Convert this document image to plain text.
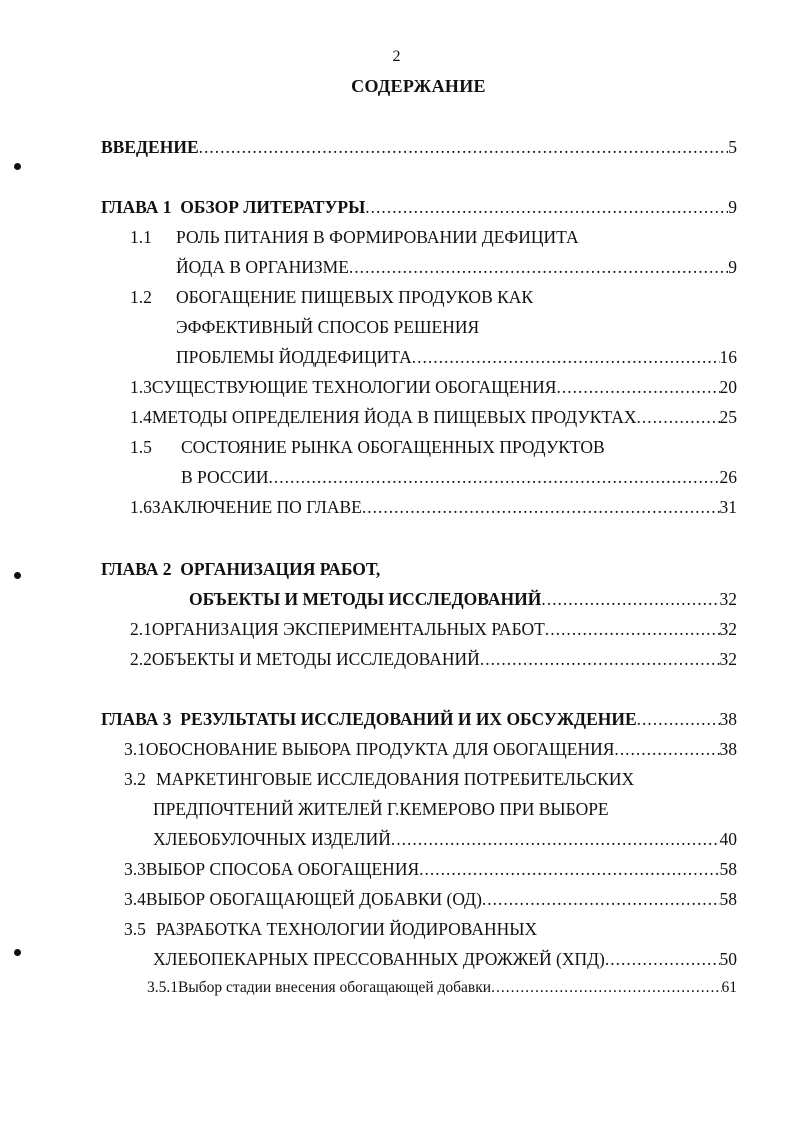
2
СОДЕРЖАНИЕ
ВВЕДЕНИЕ .....	5
ГЛАВА 1  ОБЗОР ЛИТЕРАТУРЫ .....	9
1.1	РОЛЬ ПИТАНИЯ В ФОРМИРОВАНИИ ДЕФИЦИТА
ЙОДА В ОРГАНИЗМЕ .....	9
1.2	ОБОГАЩЕНИЕ ПИЩЕВЫХ ПРОДУКОВ КАК
ЭФФЕКТИВНЫЙ СПОСОБ РЕШЕНИЯ
ПРОБЛЕМЫ ЙОДДЕФИЦИТА .....	16
1.3 СУЩЕСТВУЮЩИЕ ТЕХНОЛОГИИ ОБОГАЩЕНИЯ .....	20
1.4 МЕТОДЫ ОПРЕДЕЛЕНИЯ ЙОДА В ПИЩЕВЫХ ПРОДУКТАХ .....	25
1.5	СОСТОЯНИЕ РЫНКА ОБОГАЩЕННЫХ ПРОДУКТОВ
В РОССИИ .....	26
1.6 ЗАКЛЮЧЕНИЕ ПО ГЛАВЕ .....	31
ГЛАВА 2  ОРГАНИЗАЦИЯ РАБОТ,
ОБЪЕКТЫ И МЕТОДЫ ИССЛЕДОВАНИЙ .....	32
2.1 ОРГАНИЗАЦИЯ ЭКСПЕРИМЕНТАЛЬНЫХ РАБОТ .....	32
2.2 ОБЪЕКТЫ И МЕТОДЫ ИССЛЕДОВАНИЙ .....	32
ГЛАВА 3  РЕЗУЛЬТАТЫ ИССЛЕДОВАНИЙ И ИХ ОБСУЖДЕНИЕ .....	38
3.1 ОБОСНОВАНИЕ ВЫБОРА ПРОДУКТА ДЛЯ ОБОГАЩЕНИЯ .....	38
3.2 МАРКЕТИНГОВЫЕ ИССЛЕДОВАНИЯ ПОТРЕБИТЕЛЬСКИХ
ПРЕДПОЧТЕНИЙ ЖИТЕЛЕЙ Г.КЕМЕРОВО ПРИ ВЫБОРЕ
ХЛЕБОБУЛОЧНЫХ ИЗДЕЛИЙ .....	40
3.3 ВЫБОР СПОСОБА ОБОГАЩЕНИЯ .....	58
3.4 ВЫБОР ОБОГАЩАЮЩЕЙ ДОБАВКИ (ОД) .....	58
3.5 РАЗРАБОТКА ТЕХНОЛОГИИ ЙОДИРОВАННЫХ
ХЛЕБОПЕКАРНЫХ ПРЕССОВАННЫХ ДРОЖЖЕЙ (ХПД) .....	50
3.5.1 Выбор стадии внесения обогащающей добавки .....	61
